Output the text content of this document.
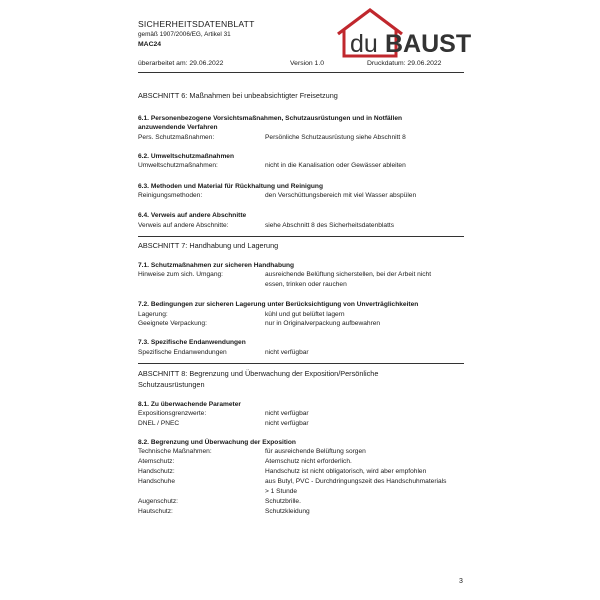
SICHERHEITSDATENBLATT
gemäß 1907/2006/EG, Artikel 31
MAC24	du BAUST
überarbeitet am: 29.06.2022	Version 1.0	Druckdatum: 29.06.2022
ABSCHNITT 6: Maßnahmen bei unbeabsichtigter Freisetzung
6.1. Personenbezogene Vorsichtsmaßnahmen, Schutzausrüstungen und in Notfällen
anzuwendende Verfahren
Pers. Schutzmaßnahmen:	Persönliche Schutzausrüstung siehe Abschnitt 8
6.2. Umweltschutzmaßnahmen
Umweltschutzmaßnahmen:	nicht in die Kanalisation oder Gewässer ableiten
6.3. Methoden und Material für Rückhaltung und Reinigung
Reinigungsmethoden:	den Verschüttungsbereich mit viel Wasser abspülen
6.4. Verweis auf andere Abschnitte
Verweis auf andere Abschnitte:	siehe Abschnitt 8 des Sicherheitsdatenblatts
ABSCHNITT 7: Handhabung und Lagerung
7.1. Schutzmaßnahmen zur sicheren Handhabung
Hinweise zum sich. Umgang:	ausreichende Belüftung sicherstellen, bei der Arbeit nicht
essen, trinken oder rauchen
7.2. Bedingungen zur sicheren Lagerung unter Berücksichtigung von Unverträglichkeiten
Lagerung:	kühl und gut belüftet lagern
Geeignete Verpackung:	nur in Originalverpackung aufbewahren
7.3. Spezifische Endanwendungen
Spezifische Endanwendungen	nicht verfügbar
ABSCHNITT 8: Begrenzung und Überwachung der Exposition/Persönliche
Schutzausrüstungen
8.1. Zu überwachende Parameter
Expositionsgrenzwerte:	nicht verfügbar
DNEL / PNEC	nicht verfügbar
8.2. Begrenzung und Überwachung der Exposition
Technische Maßnahmen:	für ausreichende Belüftung sorgen
Atemschutz:	Atemschutz nicht erforderlich.
Handschutz:	Handschutz ist nicht obligatorisch, wird aber empfohlen
Handschuhe	aus Butyl, PVC - Durchdringungszeit des Handschuhmaterials
> 1 Stunde
Augenschutz:	Schutzbrille.
Hautschutz:	Schutzkleidung
3
